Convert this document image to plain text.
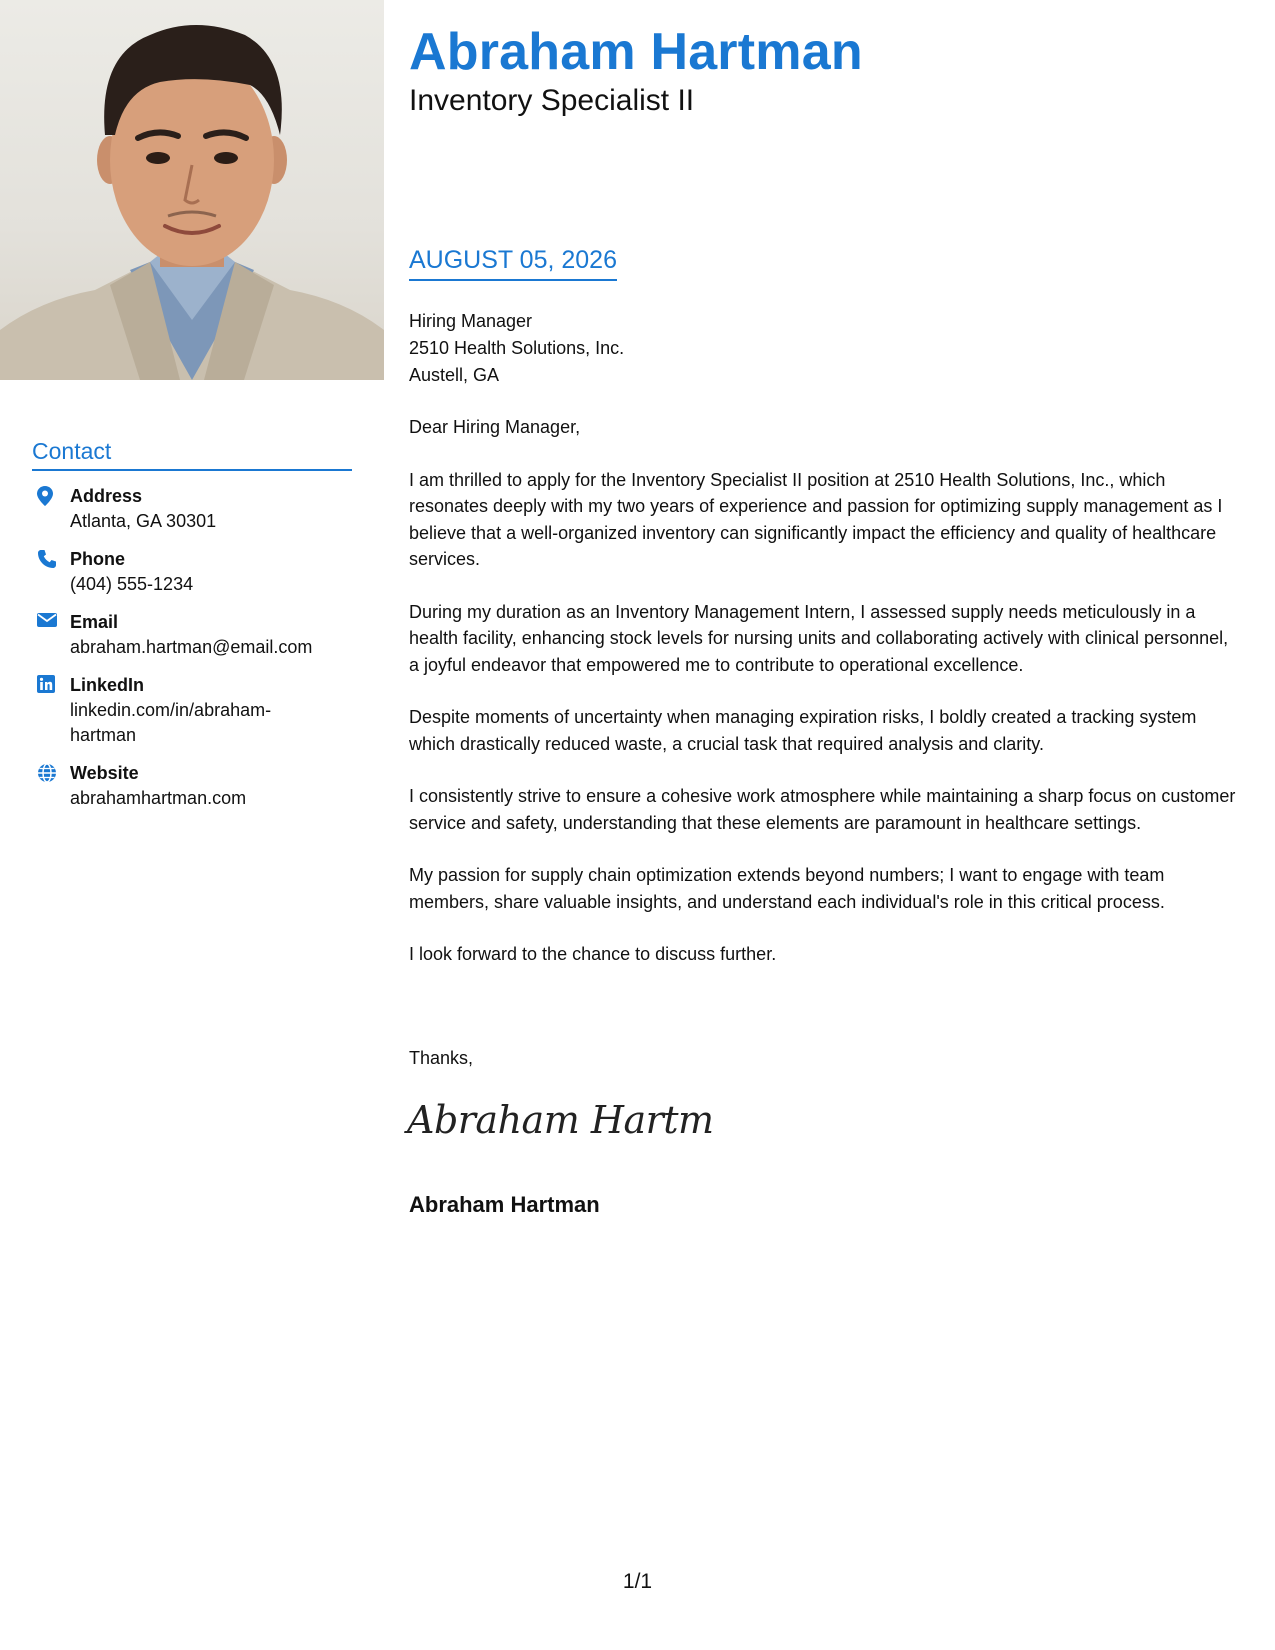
Abraham Hartman
Inventory Specialist II
AUGUST 05, 2026
Hiring Manager
2510 Health Solutions, Inc.
Austell, GA

Dear Hiring Manager,

I am thrilled to apply for the Inventory Specialist II position at 2510 Health Solutions, Inc., which resonates deeply with my two years of experience and passion for optimizing supply management as I believe that a well-organized inventory can significantly impact the efficiency and quality of healthcare services.

During my duration as an Inventory Management Intern, I assessed supply needs meticulously in a health facility, enhancing stock levels for nursing units and collaborating actively with clinical personnel, a joyful endeavor that empowered me to contribute to operational excellence.

Despite moments of uncertainty when managing expiration risks, I boldly created a tracking system which drastically reduced waste, a crucial task that required analysis and clarity.

I consistently strive to ensure a cohesive work atmosphere while maintaining a sharp focus on customer service and safety, understanding that these elements are paramount in healthcare settings.

My passion for supply chain optimization extends beyond numbers; I want to engage with team members, share valuable insights, and understand each individual's role in this critical process.

I look forward to the chance to discuss further.

Thanks,
Abraham Hartm
Abraham Hartman
Contact
Address
Atlanta, GA 30301
Phone
(404) 555-1234
Email
abraham.hartman@email.com
LinkedIn
linkedin.com/in/abraham-hartman
Website
abrahamhartman.com
1/1
